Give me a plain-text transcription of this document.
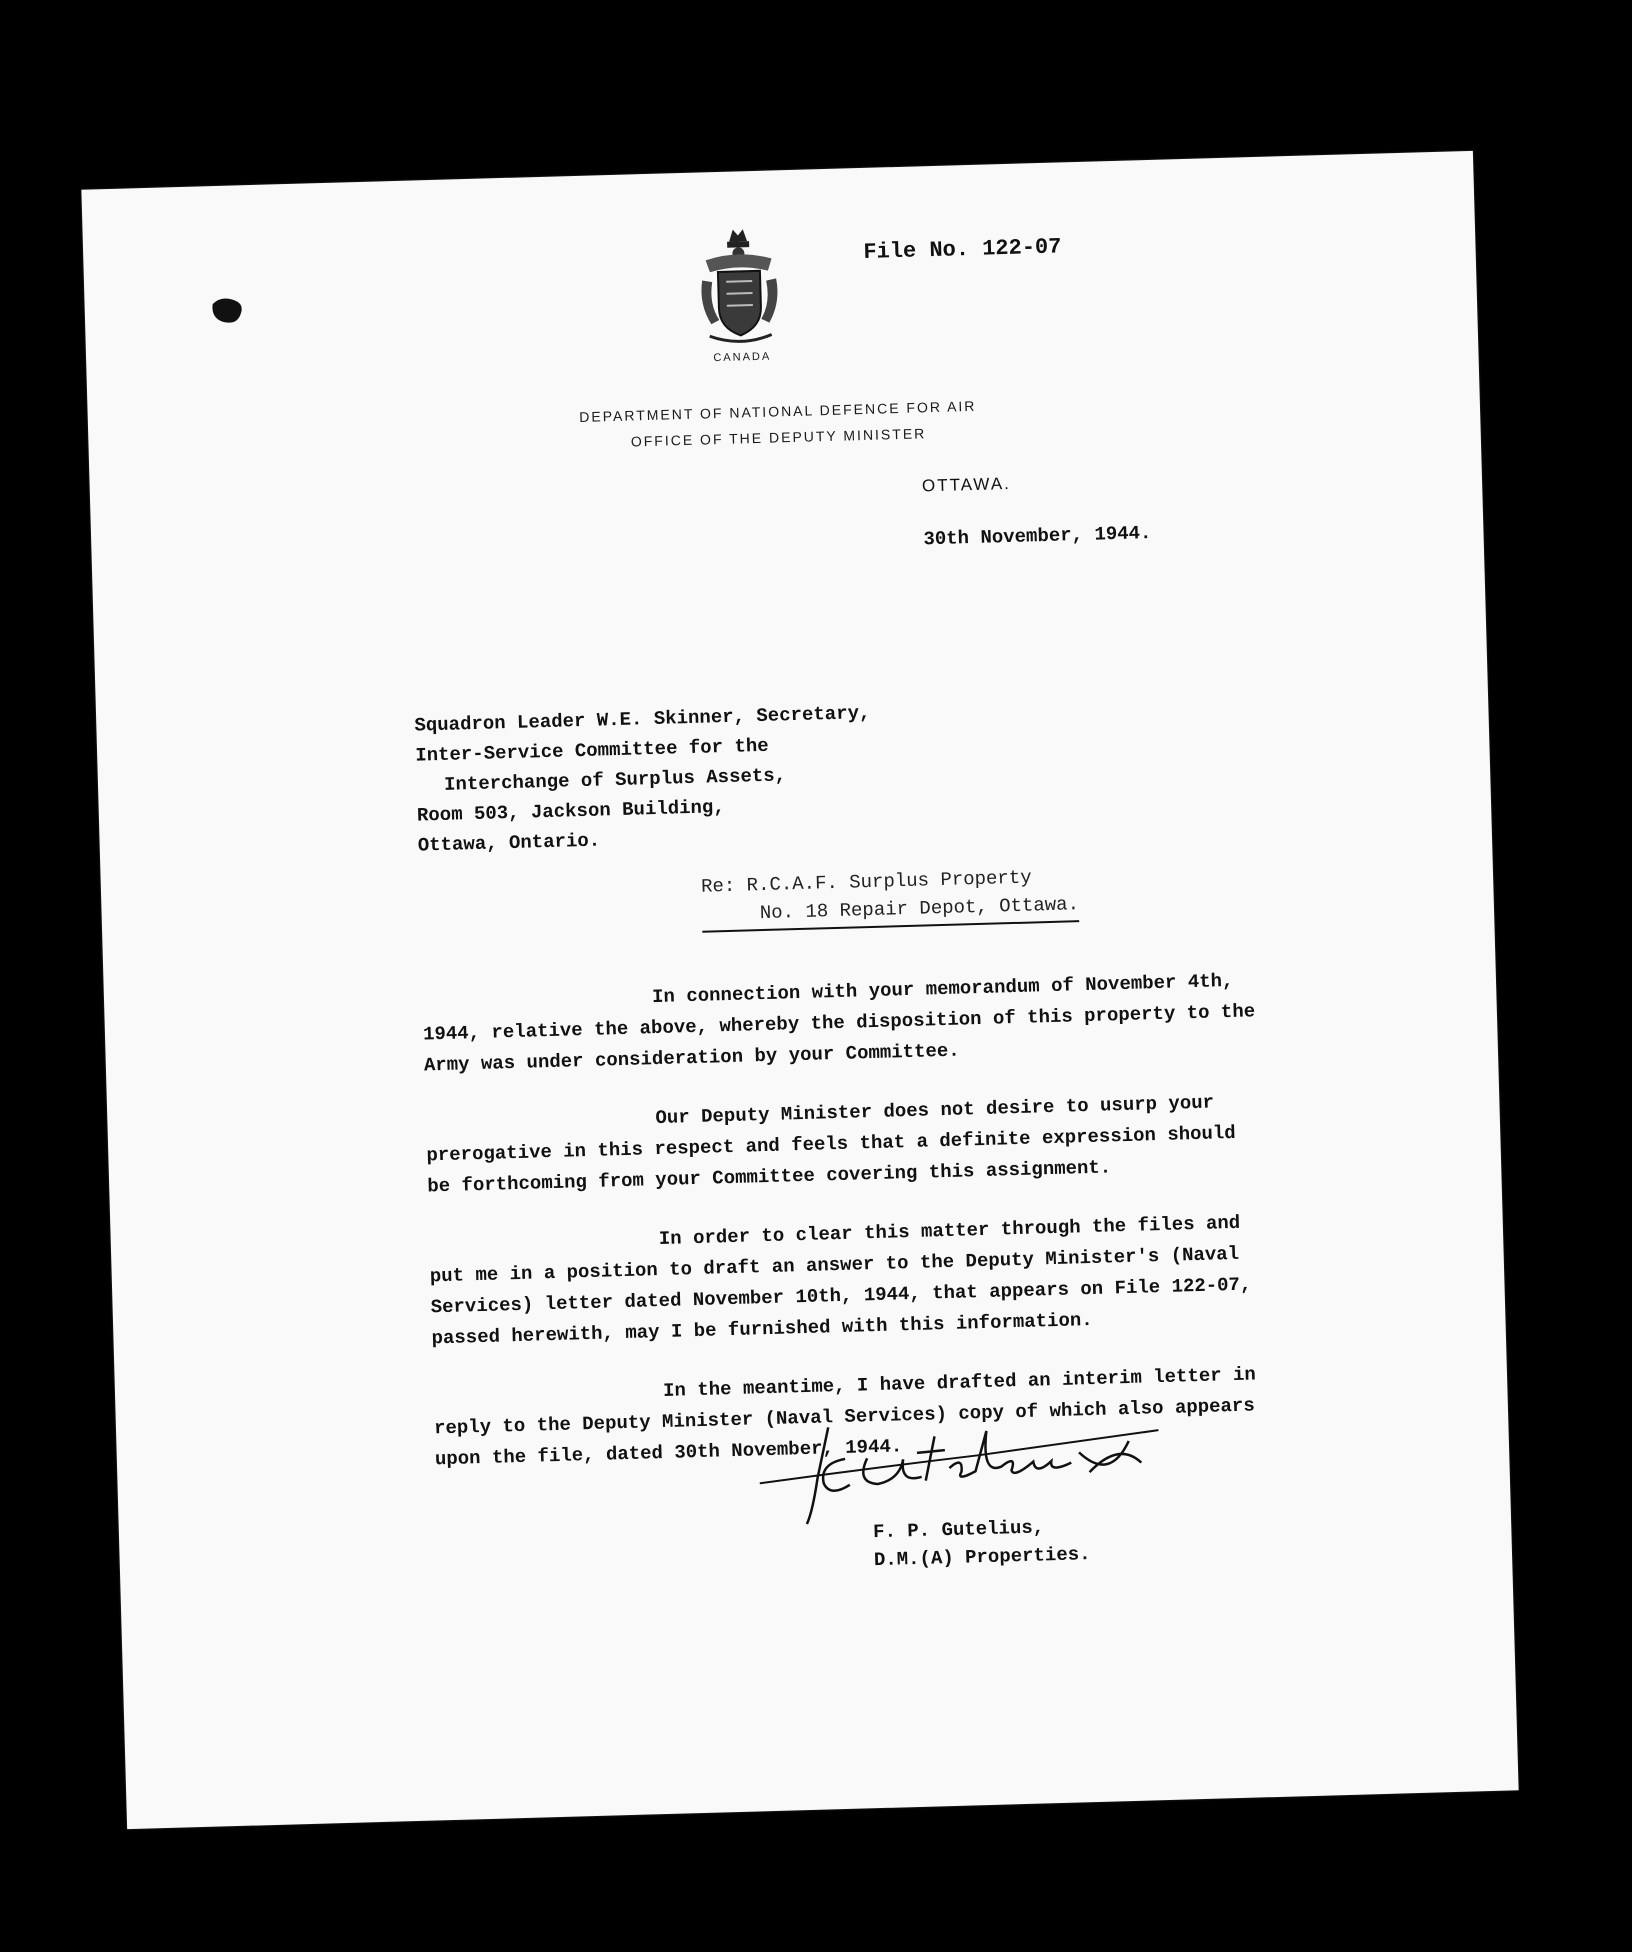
CANADA
File No. 122-07
DEPARTMENT OF NATIONAL DEFENCE FOR AIR
OFFICE OF THE DEPUTY MINISTER
OTTAWA.
30th November, 1944.
Squadron Leader W.E. Skinner, Secretary,
Inter-Service Committee for the
Interchange of Surplus Assets,
Room 503, Jackson Building,
Ottawa, Ontario.
Re: R.C.A.F. Surplus Property
No. 18 Repair Depot, Ottawa.

In connection with your memorandum of November 4th, 1944, relative the above, whereby the disposition of this property to the Army was under consideration by your Committee.

Our Deputy Minister does not desire to usurp your prerogative in this respect and feels that a definite expression should be forthcoming from your Committee covering this assignment.

In order to clear this matter through the files and put me in a position to draft an answer to the Deputy Minister's (Naval Services) letter dated November 10th, 1944, that appears on File 122-07, passed herewith, may I be furnished with this information.

In the meantime, I have drafted an interim letter in reply to the Deputy Minister (Naval Services) copy of which also appears upon the file, dated 30th November, 1944.

F. P. Gutelius,
D.M.(A) Properties.
